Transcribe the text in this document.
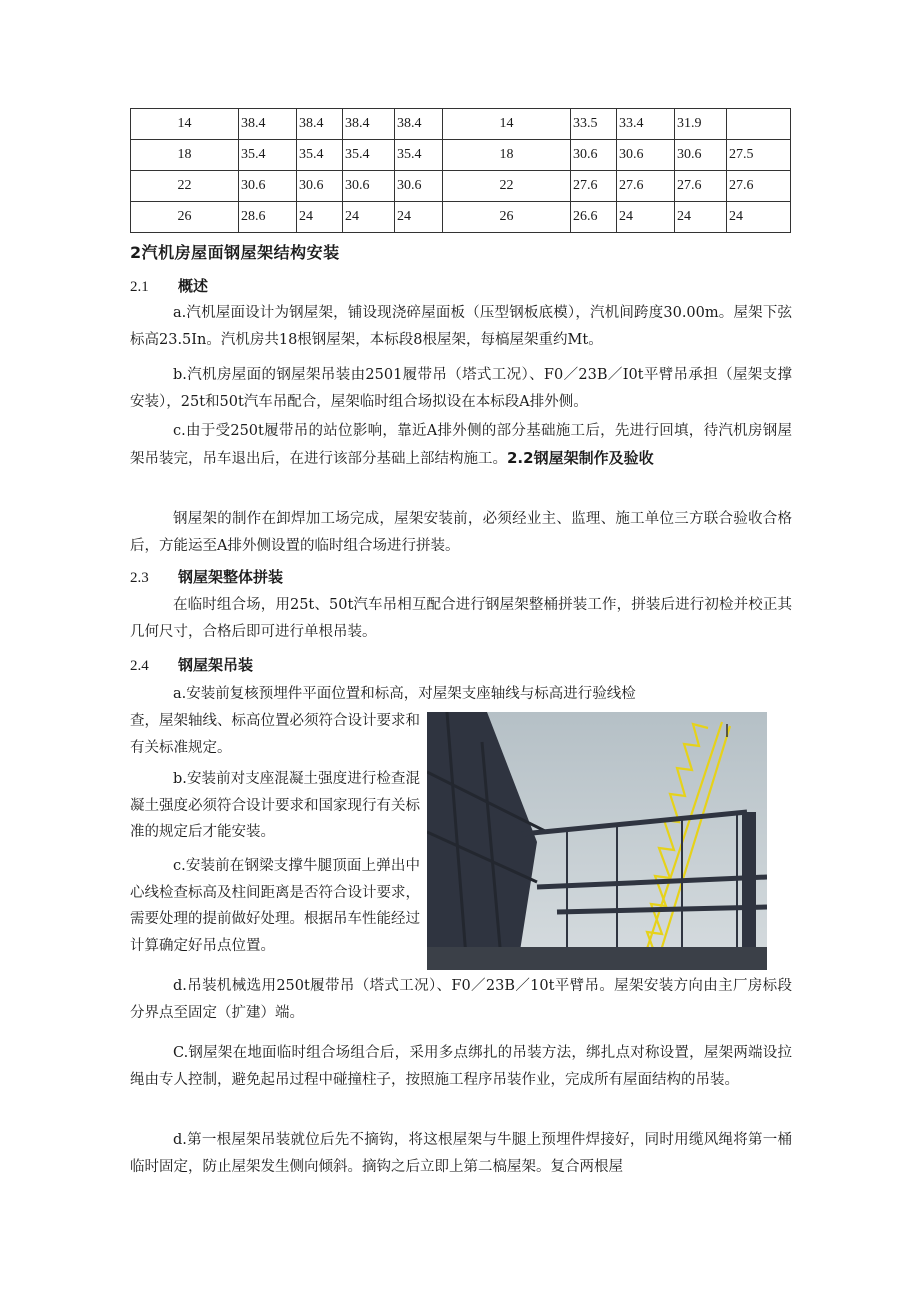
14	38.4	38.4	38.4	38.4	14	33.5	33.4	31.9	
18	35.4	35.4	35.4	35.4	18	30.6	30.6	30.6	27.5
22	30.6	30.6	30.6	30.6	22	27.6	27.6	27.6	27.6
26	28.6	24	24	24	26	26.6	24	24	24
2汽机房屋面钢屋架结构安装
2.1 概述

a.汽机屋面设计为钢屋架，铺设现浇碎屋面板（压型钢板底模），汽机间跨度30.00m。屋架下弦标高23.5In。汽机房共18根钢屋架，本标段8根屋架，每槁屋架重约Mt。

b.汽机房屋面的钢屋架吊装由2501履带吊（塔式工况）、F0／23B／I0t平臂吊承担（屋架支撑安装），25t和50t汽车吊配合，屋架临时组合场拟设在本标段A排外侧。

c.由于受250t履带吊的站位影响，靠近A排外侧的部分基础施工后，先进行回填，待汽机房钢屋架吊装完，吊车退出后，在进行该部分基础上部结构施工。2.2钢屋架制作及验收

钢屋架的制作在卸焊加工场完成，屋架安装前，必须经业主、监理、施工单位三方联合验收合格后，方能运至A排外侧设置的临时组合场进行拼装。

2.3 钢屋架整体拼装

在临时组合场，用25t、50t汽车吊相互配合进行钢屋架整桶拼装工作，拼装后进行初检并校正其几何尺寸，合格后即可进行单根吊装。

2.4 钢屋架吊装

a.安装前复核预埋件平面位置和标高，对屋架支座轴线与标高进行验线检

查，屋架轴线、标高位置必须符合设计要求和有关标准规定。

b.安装前对支座混凝土强度进行检查混凝土强度必须符合设计要求和国家现行有关标准的规定后才能安装。

c.安装前在钢梁支撑牛腿顶面上弹出中心线检查标高及柱间距离是否符合设计要求，需要处理的提前做好处理。根据吊车性能经过计算确定好吊点位置。

d.吊装机械选用250t履带吊（塔式工况）、F0／23B／10t平臂吊。屋架安装方向由主厂房标段分界点至固定（扩建）端。

C.钢屋架在地面临时组合场组合后，采用多点绑扎的吊装方法，绑扎点对称设置，屋架两端设拉绳由专人控制，避免起吊过程中碰撞柱子，按照施工程序吊装作业，完成所有屋面结构的吊装。

d.第一根屋架吊装就位后先不摘钩，将这根屋架与牛腿上预埋件焊接好，同时用缆风绳将第一桶临时固定，防止屋架发生侧向倾斜。摘钩之后立即上第二槁屋架。复合两根屋
